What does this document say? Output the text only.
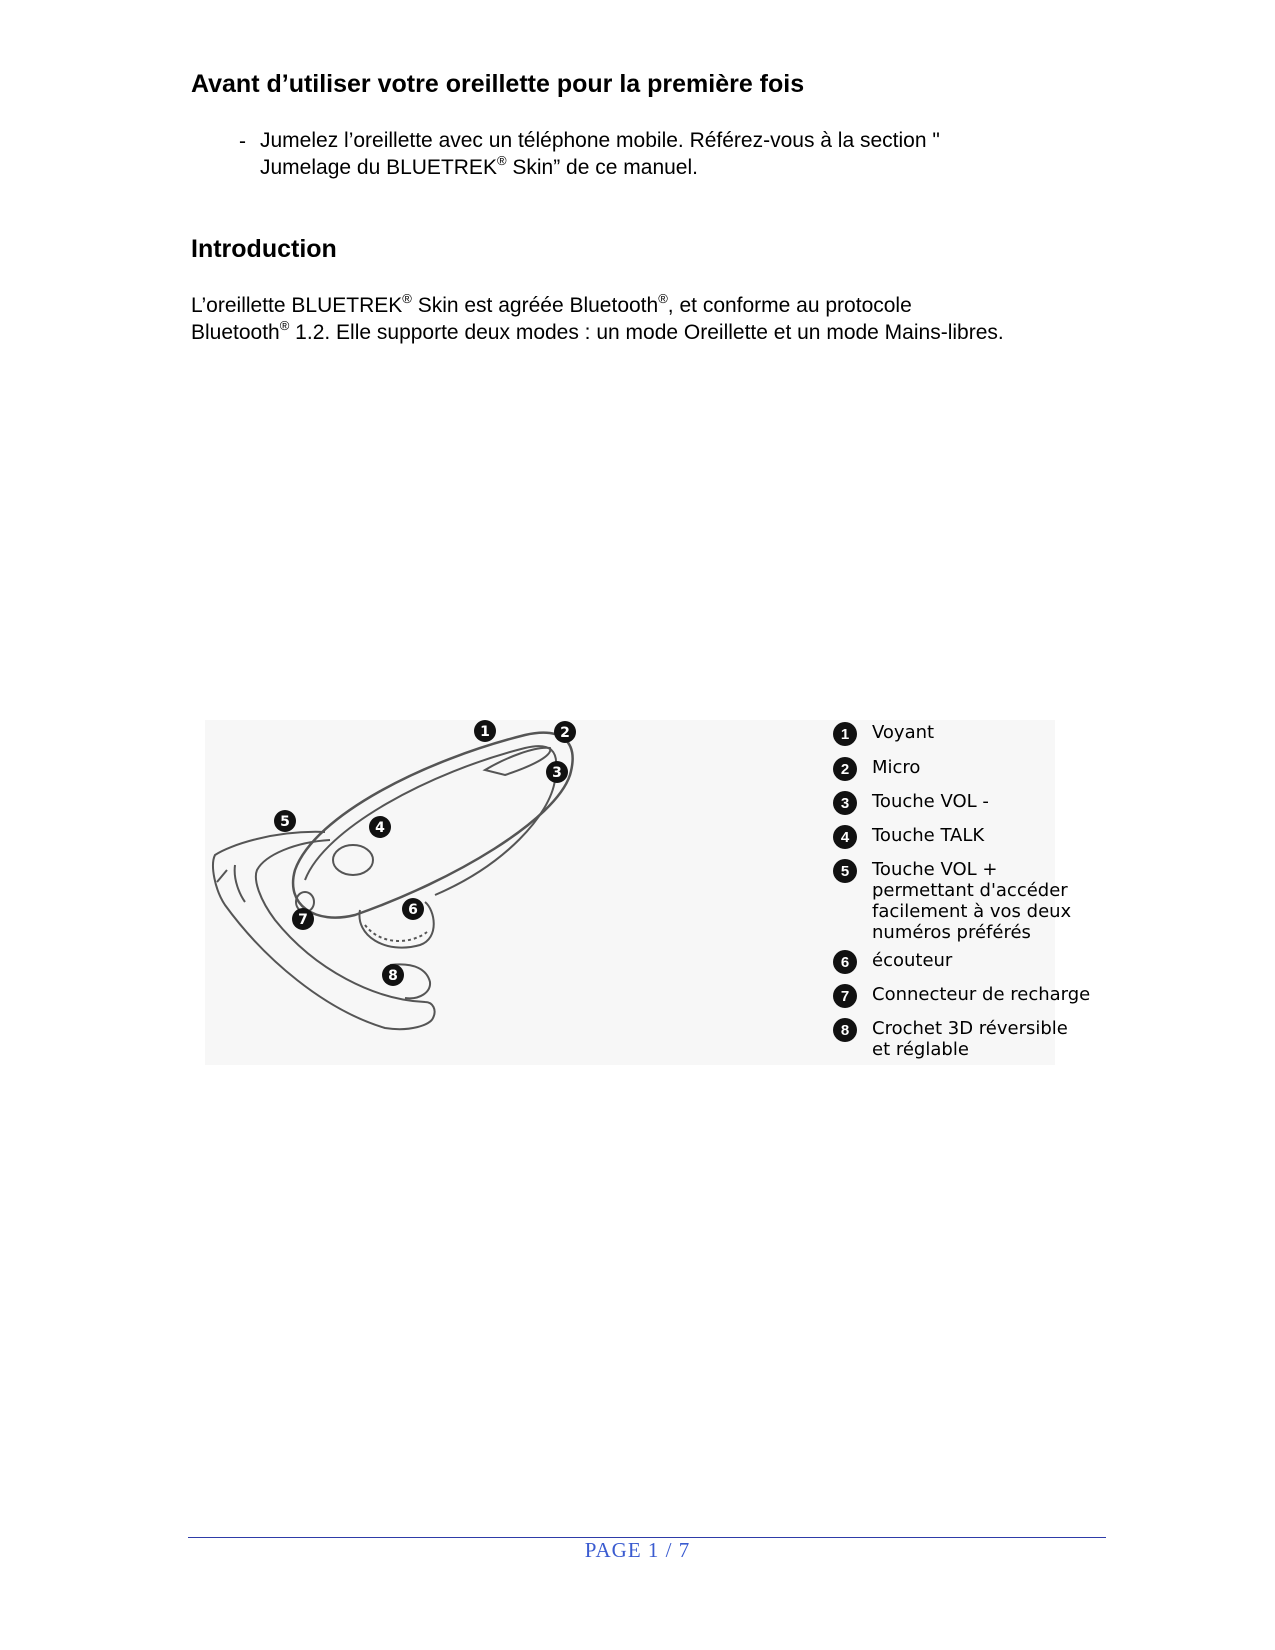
Avant d’utiliser votre oreillette pour la première fois
- Jumelez l’oreillette avec un téléphone mobile. Référez-vous à la section "

Jumelage du BLUETREK® Skin” de ce manuel.

Introduction

L’oreillette BLUETREK® Skin est agréée Bluetooth®, et conforme au protocole

Bluetooth® 1.2. Elle supporte deux modes : un mode Oreillette et un mode Mains-libres.

1	2
3
4
5
6
7
8
1	Voyant
2	Micro
3	Touche VOL -
4	Touche TALK
5	Touche VOL +
permettant d'accéder
facilement à vos deux
numéros préférés
6	écouteur
7	Connecteur de recharge
8	Crochet 3D réversible
et réglable
PAGE 1 / 7
